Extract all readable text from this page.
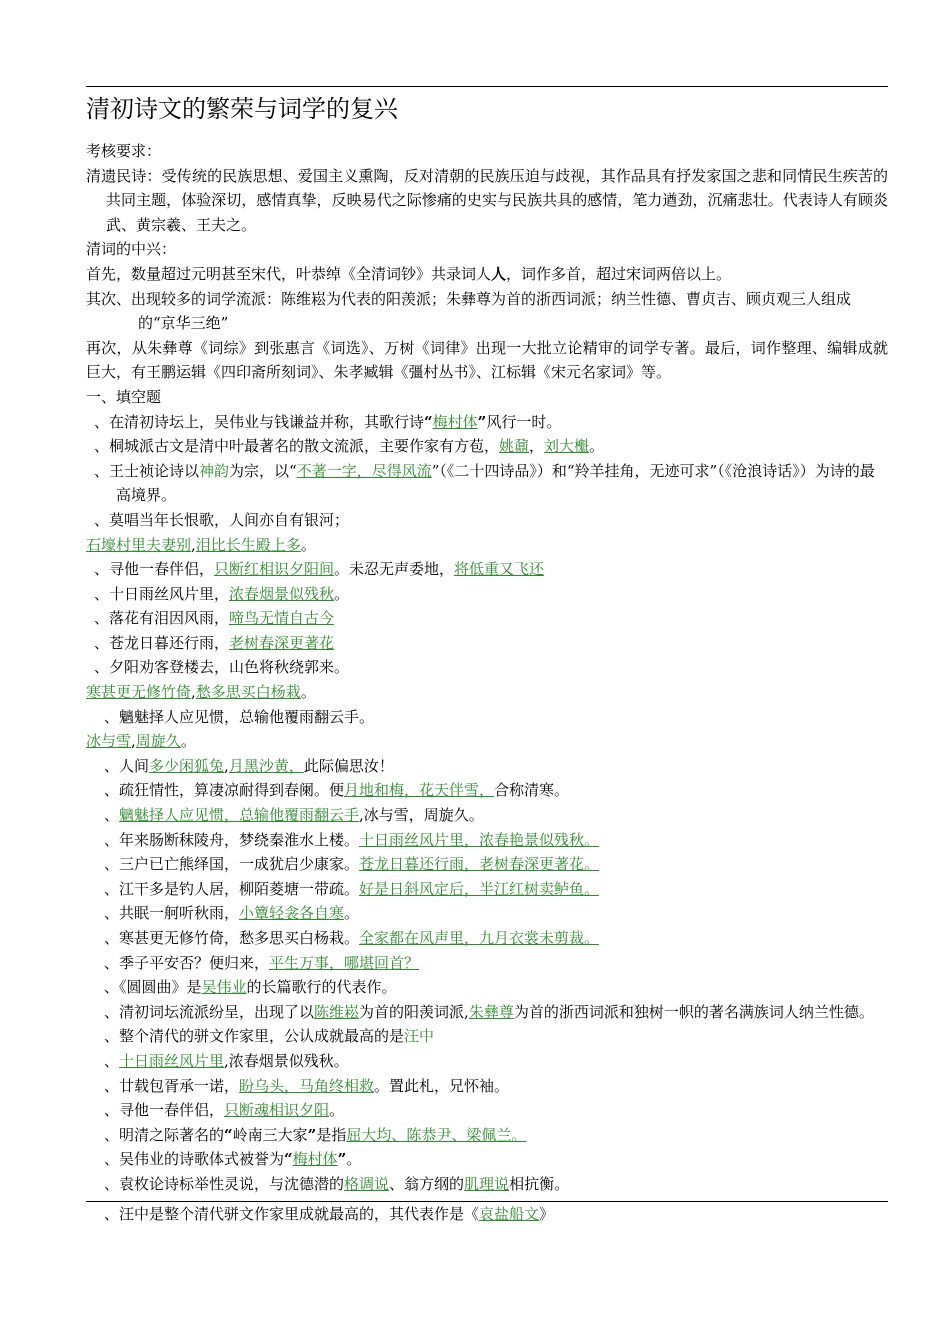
清初诗文的繁荣与词学的复兴

考核要求：

清遗民诗：受传统的民族思想、爱国主义熏陶，反对清朝的民族压迫与歧视，其作品具有抒发家国之悲和同情民生疾苦的共同主题，体验深切，感情真挚，反映易代之际惨痛的史实与民族共具的感情，笔力遒劲，沉痛悲壮。代表诗人有顾炎武、黄宗羲、王夫之。

清词的中兴：

首先，数量超过元明甚至宋代，叶恭绰《全清词钞》共录词人人，词作多首，超过宋词两倍以上。

其次、出现较多的词学流派：陈维崧为代表的阳羡派；朱彝尊为首的浙西词派；纳兰性德、曹贞吉、顾贞观三人组成的“京华三绝”

再次，从朱彝尊《词综》到张惠言《词选》、万树《词律》出现一大批立论精审的词学专著。最后，词作整理、编辑成就巨大，有王鹏运辑《四印斋所刻词》、朱孝臧辑《彊村丛书》、江标辑《宋元名家词》等。

一、填空题

、在清初诗坛上，吴伟业与钱谦益并称，其歌行诗“梅村体”风行一时。

、桐城派古文是清中叶最著名的散文流派，主要作家有方苞，姚鼐，刘大櫆。

、王士祯论诗以神韵为宗，以“不著一字，尽得风流”（《二十四诗品》）和“羚羊挂角，无迹可求”（《沧浪诗话》）为诗的最高境界。

、莫唱当年长恨歌，人间亦自有银河；

石壕村里夫妻别,泪比长生殿上多。

、寻他一春伴侣，只断红相识夕阳间。未忍无声委地，将低重又飞还

、十日雨丝风片里，浓春烟景似残秋。

、落花有泪因风雨，啼鸟无情自古今

、苍龙日暮还行雨，老树春深更著花

、夕阳劝客登楼去，山色将秋绕郭来。

寒甚更无修竹倚,愁多思买白杨栽。

、魑魅择人应见惯，总输他覆雨翻云手。

冰与雪,周旋久。

、人间多少闲狐兔,月黑沙黄，此际偏思汝！

、疏狂情性，算凄凉耐得到春阑。便月地和梅，花天伴雪，合称清寒。

、魑魅择人应见惯，总输他覆雨翻云手,冰与雪，周旋久。

、年来肠断秣陵舟，梦绕秦淮水上楼。十日雨丝风片里，浓春艳景似残秋。

、三户已亡熊绎国，一成犹启少康家。苍龙日暮还行雨，老树春深更著花。

、江干多是钓人居，柳陌菱塘一带疏。好是日斜风定后，半江红树卖鲈鱼。

、共眠一舸听秋雨，小簟轻衾各自寒。

、寒甚更无修竹倚，愁多思买白杨栽。全家都在风声里，九月衣裳未剪裁。

、季子平安否？便归来，平生万事，哪堪回首？

、《圆圆曲》是吴伟业的长篇歌行的代表作。

、清初词坛流派纷呈，出现了以陈维崧为首的阳羡词派,朱彝尊为首的浙西词派和独树一帜的著名满族词人纳兰性德。

、整个清代的骈文作家里，公认成就最高的是汪中

、十日雨丝风片里,浓春烟景似残秋。

、廿载包胥承一诺，盼乌头，马角终相救。置此札，兄怀袖。

、寻他一春伴侣，只断魂相识夕阳。

、明清之际著名的“岭南三大家”是指屈大均、陈恭尹、梁佩兰。

、吴伟业的诗歌体式被誉为“梅村体”。

、袁枚论诗标举性灵说，与沈德潜的格调说、翁方纲的肌理说相抗衡。

、汪中是整个清代骈文作家里成就最高的，其代表作是《哀盐船文》
